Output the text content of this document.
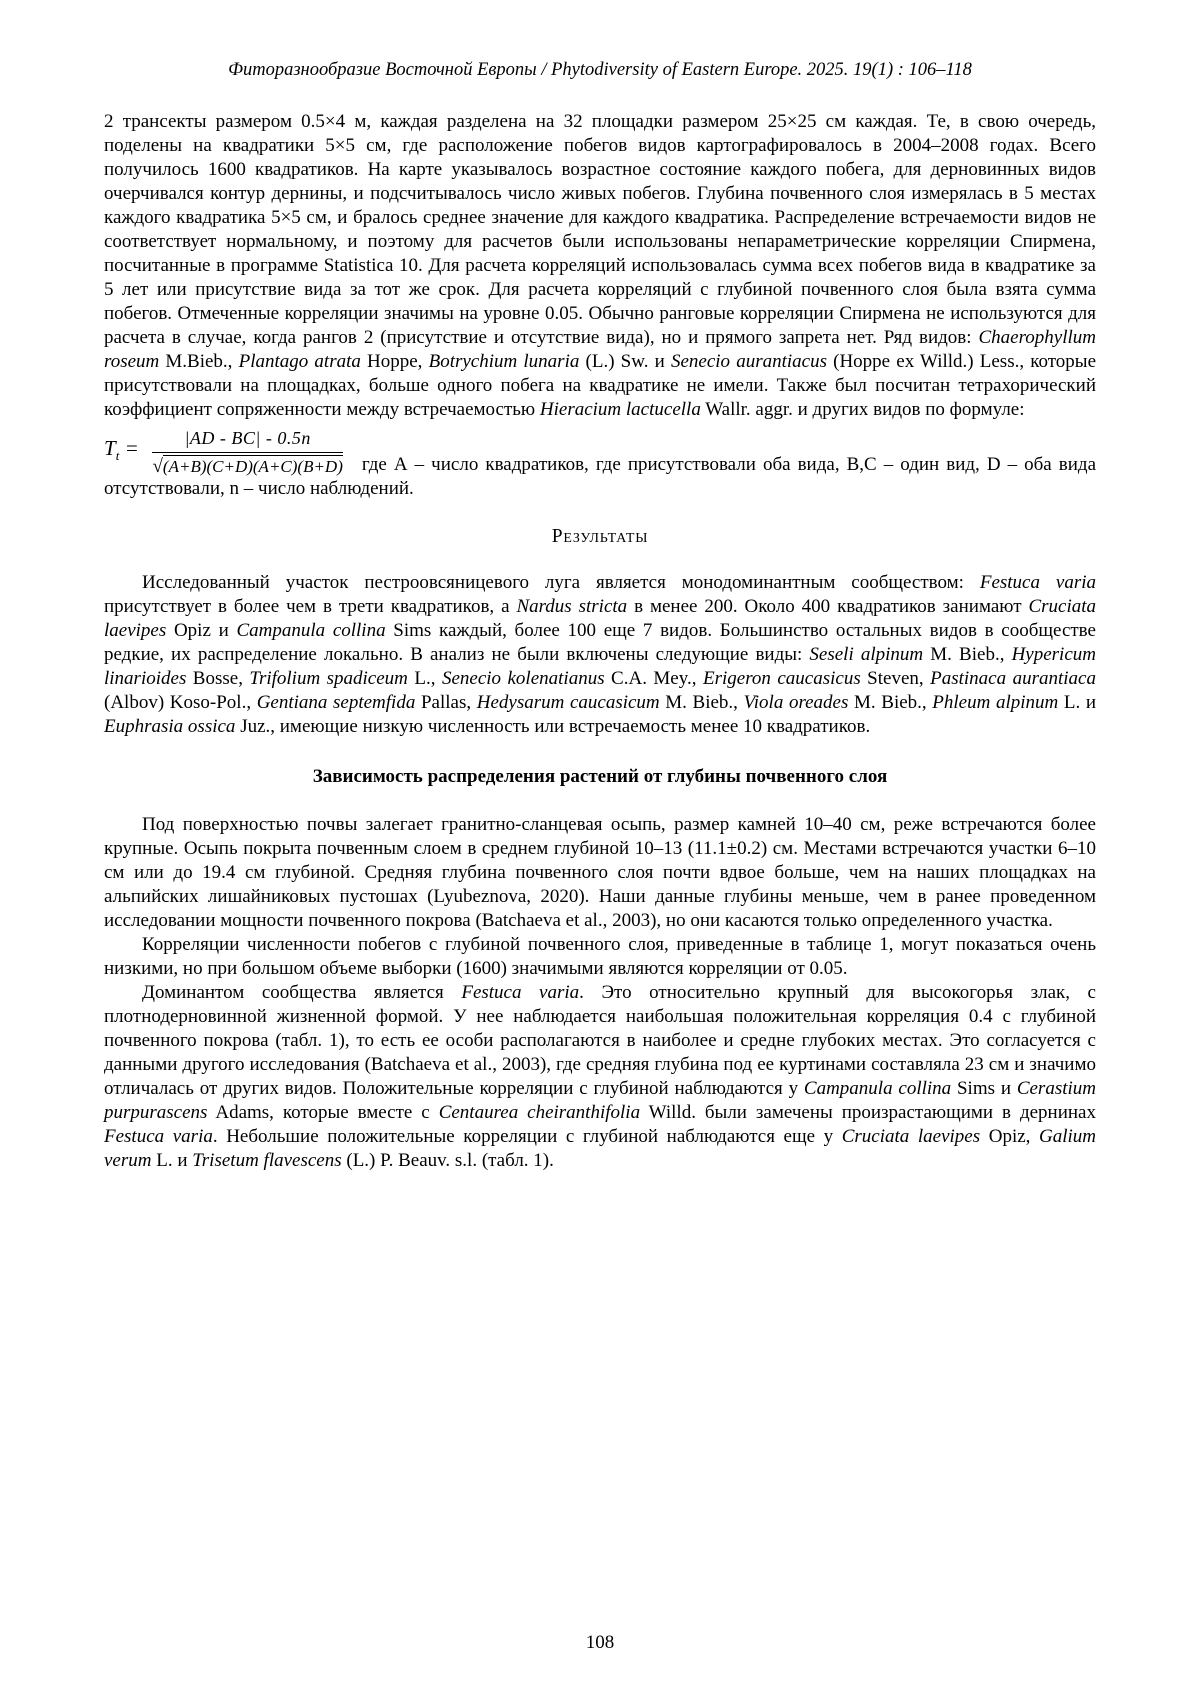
Фиторазнообразие Восточной Европы / Phytodiversity of Eastern Europe. 2025. 19(1) : 106–118

2 трансекты размером 0.5×4 м, каждая разделена на 32 площадки размером 25×25 см каждая. Те, в свою очередь, поделены на квадратики 5×5 см, где расположение побегов видов картографировалось в 2004–2008 годах. Всего получилось 1600 квадратиков. На карте указывалось возрастное состояние каждого побега, для дерновинных видов очерчивался контур дернины, и подсчитывалось число живых побегов. Глубина почвенного слоя измерялась в 5 местах каждого квадратика 5×5 см, и бралось среднее значение для каждого квадратика. Распределение встречаемости видов не соответствует нормальному, и поэтому для расчетов были использованы непараметрические корреляции Спирмена, посчитанные в программе Statistica 10. Для расчета корреляций использовалась сумма всех побегов вида в квадратике за 5 лет или присутствие вида за тот же срок. Для расчета корреляций с глубиной почвенного слоя была взята сумма побегов. Отмеченные корреляции значимы на уровне 0.05. Обычно ранговые корреляции Спирмена не используются для расчета в случае, когда рангов 2 (присутствие и отсутствие вида), но и прямого запрета нет. Ряд видов: Chaerophyllum roseum M.Bieb., Plantago atrata Hoppe, Botrychium lunaria (L.) Sw. и Senecio aurantiacus (Hoppe ex Willd.) Less., которые присутствовали на площадках, больше одного побега на квадратике не имели. Также был посчитан тетрахорический коэффициент сопряженности между встречаемостью Hieracium lactucella Wallr. aggr. и других видов по формуле:

$T_t = \frac{|AD - BC| - 0.5n}{√(A+B)(C+D)(A+C)(B+D)}$ где А – число квадратиков, где присутствовали оба вида, B,C – один вид, D – оба вида отсутствовали, n – число наблюдений.

Результаты

Исследованный участок пестроовсяницевого луга является монодоминантным сообществом: Festuca varia присутствует в более чем в трети квадратиков, а Nardus stricta в менее 200. Около 400 квадратиков занимают Cruciata laevipes Opiz и Campanula collina Sims каждый, более 100 еще 7 видов. Большинство остальных видов в сообществе редкие, их распределение локально. В анализ не были включены следующие виды: Seseli alpinum M. Bieb., Hypericum linarioides Bosse, Trifolium spadiceum L., Senecio kolenatianus C.A. Mey., Erigeron caucasicus Steven, Pastinaca aurantiaca (Albov) Koso-Pol., Gentiana septemfida Pallas, Hedysarum caucasicum M. Bieb., Viola oreades M. Bieb., Phleum alpinum L. и Euphrasia ossica Juz., имеющие низкую численность или встречаемость менее 10 квадратиков.

Зависимость распределения растений от глубины почвенного слоя

Под поверхностью почвы залегает гранитно-сланцевая осыпь, размер камней 10–40 см, реже встречаются более крупные. Осыпь покрыта почвенным слоем в среднем глубиной 10–13 (11.1±0.2) см. Местами встречаются участки 6–10 см или до 19.4 см глубиной. Средняя глубина почвенного слоя почти вдвое больше, чем на наших площадках на альпийских лишайниковых пустошах (Lyubeznova, 2020). Наши данные глубины меньше, чем в ранее проведенном исследовании мощности почвенного покрова (Batchaeva et al., 2003), но они касаются только определенного участка.

Корреляции численности побегов с глубиной почвенного слоя, приведенные в таблице 1, могут показаться очень низкими, но при большом объеме выборки (1600) значимыми являются корреляции от 0.05.

Доминантом сообщества является Festuca varia. Это относительно крупный для высокогорья злак, с плотнодерновинной жизненной формой. У нее наблюдается наибольшая положительная корреляция 0.4 с глубиной почвенного покрова (табл. 1), то есть ее особи располагаются в наиболее и средне глубоких местах. Это согласуется с данными другого исследования (Batchaeva et al., 2003), где средняя глубина под ее куртинами составляла 23 см и значимо отличалась от других видов. Положительные корреляции с глубиной наблюдаются у Campanula collina Sims и Cerastium purpurascens Adams, которые вместе с Centaurea cheiranthifolia Willd. были замечены произрастающими в дернинах Festuca varia. Небольшие положительные корреляции с глубиной наблюдаются еще у Cruciata laevipes Opiz, Galium verum L. и Trisetum flavescens (L.) P. Beauv. s.l. (табл. 1).

108
